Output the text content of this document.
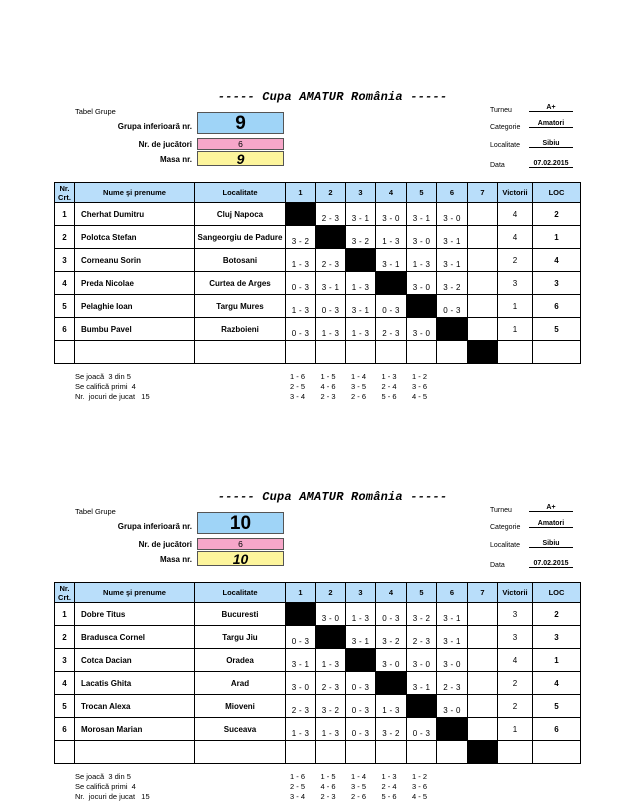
----- Cupa AMATUR România -----
Tabel Grupe
Grupa inferioară nr.	9
Nr. de jucători	6
Masa nr.	9
Turneu	A+
Categorie
Amatori
Localitate	Sibiu
Data	07.02.2015
Nr. Crt.	Nume şi prenume	Localitate	1	2	3	4	5	6	7	Victorii	LOC
1	Cherhat Dumitru	Cluj Napoca		2 - 3	3 - 1	3 - 0	3 - 1	3 - 0		4	2
2	Polotca Stefan	Sangeorgiu de Padure	3 - 2		3 - 2	1 - 3	3 - 0	3 - 1		4	1
3	Corneanu Sorin	Botosani	1 - 3	2 - 3		3 - 1	1 - 3	3 - 1		2	4
4	Preda Nicolae	Curtea de Arges	0 - 3	3 - 1	1 - 3		3 - 0	3 - 2		3	3
5	Pelaghie Ioan	Targu Mures	1 - 3	0 - 3	3 - 1	0 - 3		0 - 3		1	6
6	Bumbu Pavel	Razboieni	0 - 3	1 - 3	1 - 3	2 - 3	3 - 0			1	5

Se joacă  3 din 5
Se califică primi  4
Nr.  jocuri de jucat   15
1 - 6 1 - 5 1 - 4 1 - 3 1 - 2
2 - 5 4 - 6 3 - 5 2 - 4 3 - 6
3 - 4 2 - 3 2 - 6 5 - 6 4 - 5
----- Cupa AMATUR România -----
Tabel Grupe
Grupa inferioară nr.	10
Nr. de jucători	6
Masa nr.	10
Turneu	A+
Categorie
Amatori
Localitate	Sibiu
Data	07.02.2015
Nr. Crt.	Nume şi prenume	Localitate	1	2	3	4	5	6	7	Victorii	LOC
1	Dobre Titus	Bucuresti		3 - 0	1 - 3	0 - 3	3 - 2	3 - 1		3	2
2	Bradusca Cornel	Targu Jiu	0 - 3		3 - 1	3 - 2	2 - 3	3 - 1		3	3
3	Cotca Dacian	Oradea	3 - 1	1 - 3		3 - 0	3 - 0	3 - 0		4	1
4	Lacatis Ghita	Arad	3 - 0	2 - 3	0 - 3		3 - 1	2 - 3		2	4
5	Trocan Alexa	Mioveni	2 - 3	3 - 2	0 - 3	1 - 3		3 - 0		2	5
6	Morosan Marian	Suceava	1 - 3	1 - 3	0 - 3	3 - 2	0 - 3			1	6

Se joacă  3 din 5
Se califică primi  4
Nr.  jocuri de jucat   15
1 - 6 1 - 5 1 - 4 1 - 3 1 - 2
2 - 5 4 - 6 3 - 5 2 - 4 3 - 6
3 - 4 2 - 3 2 - 6 5 - 6 4 - 5
